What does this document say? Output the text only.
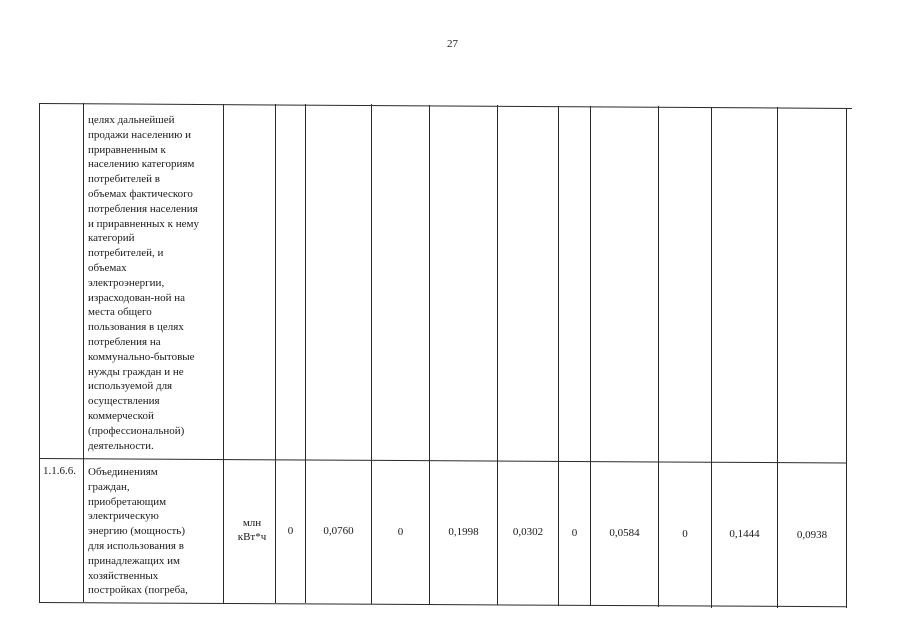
27
целях дальнейшей
продажи населению и
приравненным к
населению категориям
потребителей в
объемах фактического
потребления населения
и приравненных к нему
категорий
потребителей, и
объемах
электроэнергии,
израсходован-ной на
места общего
пользования в целях
потребления на
коммунально-бытовые
нужды граждан и не
используемой для
осуществления
коммерческой
(профессиональной)
деятельности.
1.1.6.6. Объединениям
граждан,
приобретающим
электрическую
энергию (мощность)
для использования в
принадлежащих им
хозяйственных
постройках (погреба,
млн
кВт*ч	0	0,0760	0	0,1998	0,0302	0	0,0584	0	0,1444	0,0938
